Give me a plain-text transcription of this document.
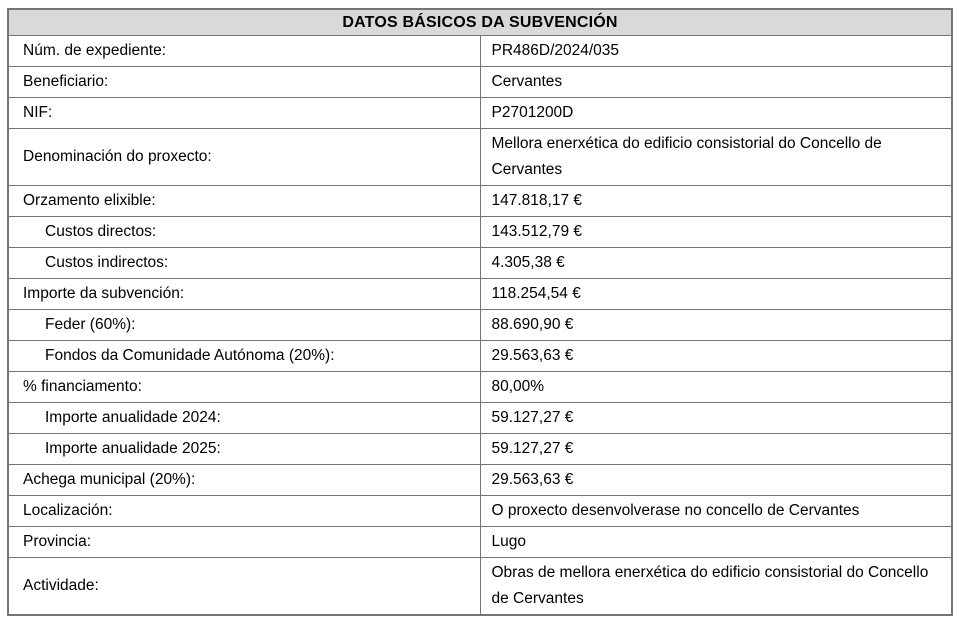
DATOS BÁSICOS DA SUBVENCIÓN	
Núm. de expediente:	PR486D/2024/035
Beneficiario:	Cervantes
NIF:	P2701200D
Denominación do proxecto:	Mellora enerxética do edificio consistorial do Concello de Cervantes
Orzamento elixible:	147.818,17 €
Custos directos:	143.512,79 €
Custos indirectos:	4.305,38 €
Importe da subvención:	118.254,54 €
Feder (60%):	88.690,90 €
Fondos da Comunidade Autónoma (20%):	29.563,63 €
% financiamento:	80,00%
Importe anualidade 2024:	59.127,27 €
Importe anualidade 2025:	59.127,27 €
Achega municipal (20%):	29.563,63 €
Localización:	O proxecto desenvolverase no concello de Cervantes
Provincia:	Lugo
Actividade:	Obras de mellora enerxética do edificio consistorial do Concello de Cervantes
